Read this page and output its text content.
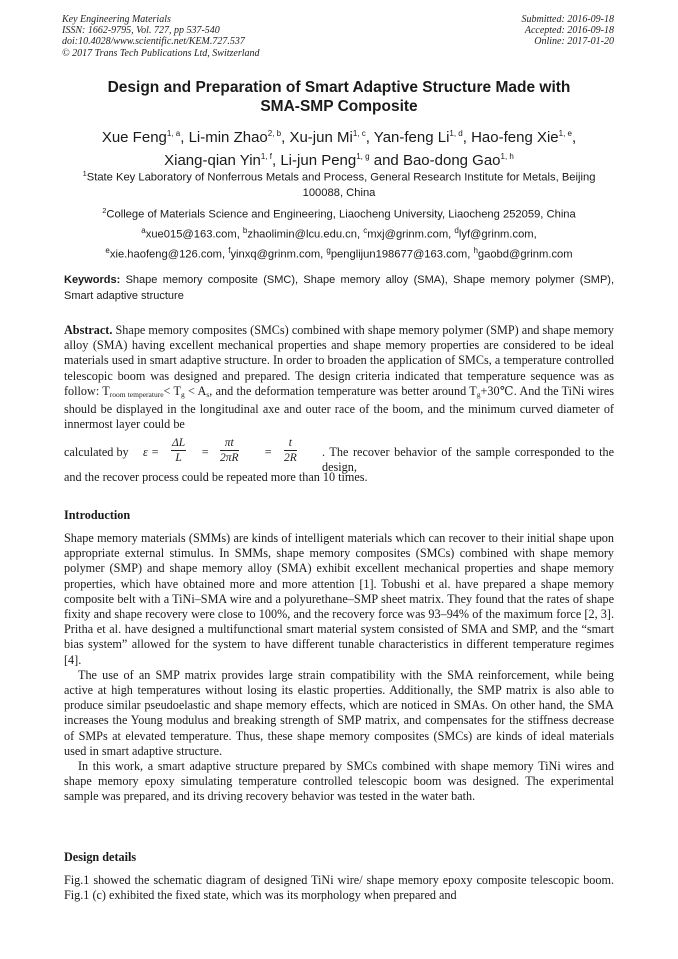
Key Engineering Materials
ISSN: 1662-9795, Vol. 727, pp 537-540
doi:10.4028/www.scientific.net/KEM.727.537
© 2017 Trans Tech Publications Ltd, Switzerland
Submitted: 2016-09-18
Accepted: 2016-09-18
Online: 2017-01-20
Design and Preparation of Smart Adaptive Structure Made with
SMA-SMP Composite
Xue Feng$^{1, a}$, Li-min Zhao$^{2, b}$, Xu-jun Mi$^{1, c}$, Yan-feng Li$^{1, d}$, Hao-feng Xie$^{1, e}$,
Xiang-qian Yin$^{1, f}$, Li-jun Peng$^{1, g}$ and Bao-dong Gao$^{1, h}$
$^1$State Key Laboratory of Nonferrous Metals and Process, General Research Institute for Metals, Beijing 100088, China
$^2$College of Materials Science and Engineering, Liaocheng University, Liaocheng 252059, China
$^a$xue015@163.com, $^b$zhaolimin@lcu.edu.cn, $^c$mxj@grinm.com, $^d$lyf@grinm.com,
$^e$xie.haofeng@126.com, $^f$yinxq@grinm.com, $^g$penglijun198677@163.com, $^h$gaobd@grinm.com
Keywords: Shape memory composite (SMC), Shape memory alloy (SMA), Shape memory polymer (SMP), Smart adaptive structure
Abstract. Shape memory composites (SMCs) combined with shape memory polymer (SMP) and shape memory alloy (SMA) having excellent mechanical properties and shape memory properties are considered to be ideal materials used in smart adaptive structure. In order to broaden the application of SMCs, a temperature controlled telescopic boom was designed and prepared. The design criteria indicated that temperature sequence was as follow: $T_{room temperature}< T_g < A_s$, and the deformation temperature was better around $T_g+30℃$. And the TiNi wires should be displayed in the longitudinal axe and outer race of the boom, and the minimum curved diameter of innermost layer could be
calculated by $\varepsilon = \frac{\Delta L}{L} = \frac{\pi t}{2\pi R} = \frac{t}{2R}$ . The recover behavior of the sample corresponded to the design,
and the recover process could be repeated more than 10 times.
Introduction

Shape memory materials (SMMs) are kinds of intelligent materials which can recover to their initial shape upon appropriate external stimulus. In SMMs, shape memory composites (SMCs) combined with shape memory polymer (SMP) and shape memory alloy (SMA) exhibit excellent mechanical properties and shape memory properties, which have obtained more and more attention [1]. Tobushi et al. have prepared a shape memory composite belt with a TiNi–SMA wire and a polyurethane–SMP sheet matrix. They found that the rates of shape fixity and shape recovery were close to 100%, and the recovery force was 93–94% of the maximum force [2, 3]. Pritha et al. have designed a multifunctional smart material system consisted of SMA and SMP, and the “smart bias system” allowed for the system to have different tunable characteristics in different temperature regimes [4].

The use of an SMP matrix provides large strain compatibility with the SMA reinforcement, while being active at high temperatures without losing its elastic properties. Additionally, the SMP matrix is also able to produce similar pseudoelastic and shape memory effects, which are noticed in SMAs. On other hand, the SMA increases the Young modulus and breaking strength of SMP matrix, and compensates for the stiffness decrease of SMPs at elevated temperature. Thus, these shape memory composites (SMCs) are kinds of ideal materials used in smart adaptive structure.

In this work, a smart adaptive structure prepared by SMCs combined with shape memory TiNi wires and shape memory epoxy simulating temperature controlled telescopic boom was designed. The experimental sample was prepared, and its driving recovery behavior was tested in the water bath.

Design details

Fig.1 showed the schematic diagram of designed TiNi wire/ shape memory epoxy composite telescopic boom. Fig.1 (c) exhibited the fixed state, which was its morphology when prepared and
